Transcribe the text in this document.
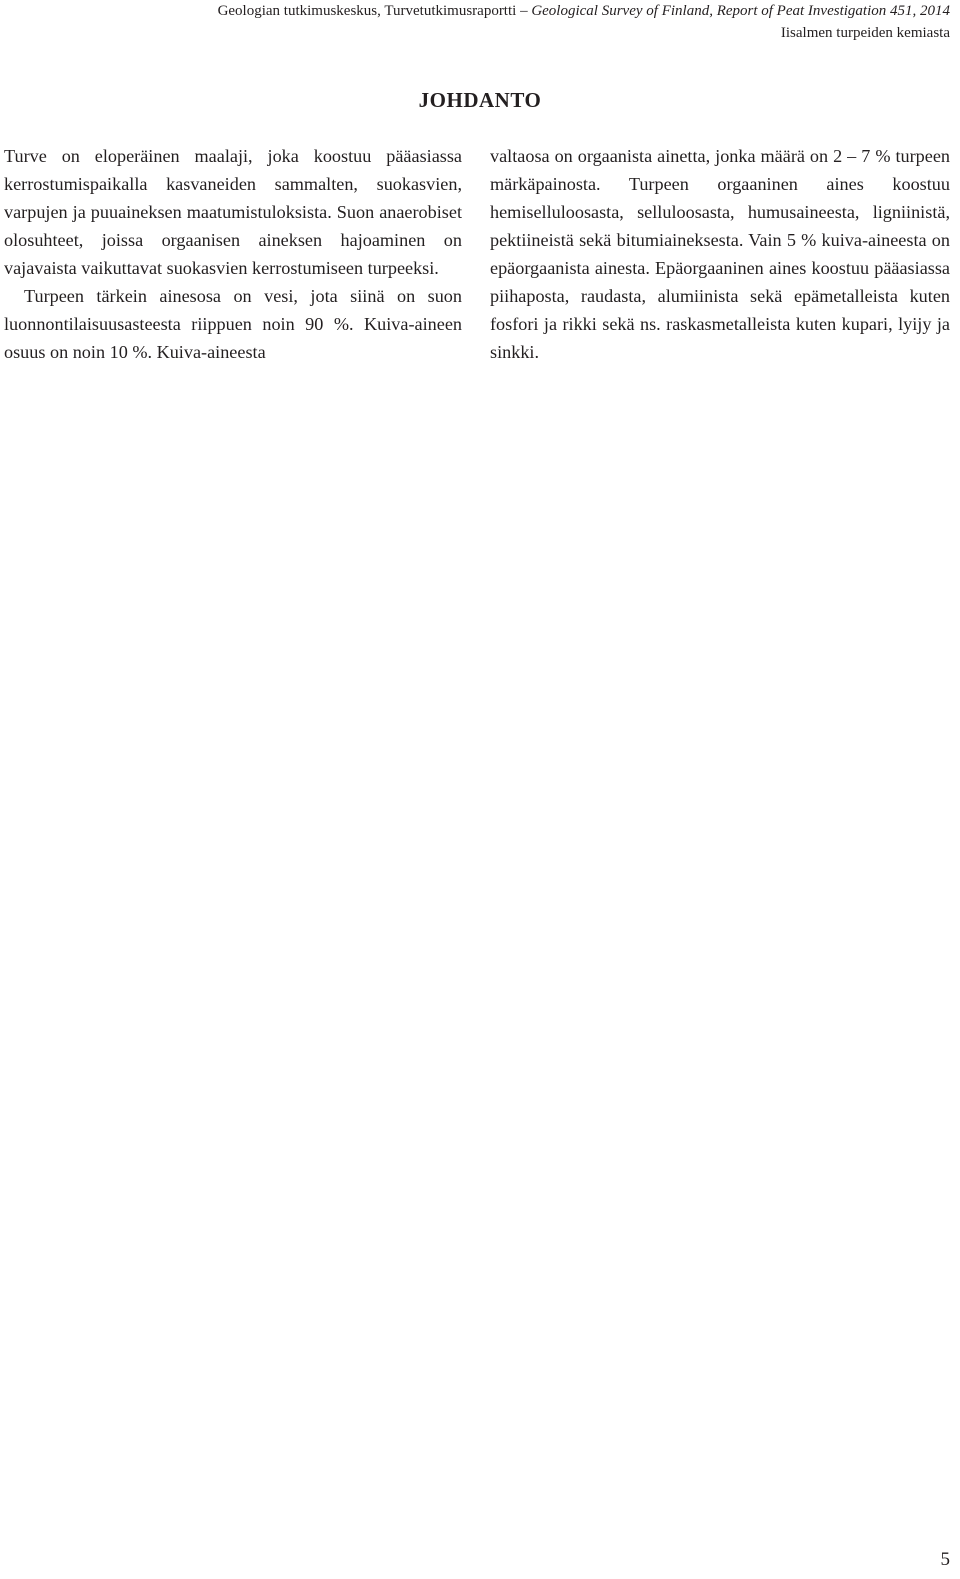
Geologian tutkimuskeskus, Turvetutkimusraportti – Geological Survey of Finland, Report of Peat Investigation 451, 2014
Iisalmen turpeiden kemiasta
JOHDANTO

Turve on eloperäinen maalaji, joka koostuu pääasiassa kerrostumispaikalla kasvaneiden sammalten, suokasvien, varpujen ja puuaineksen maatumistuloksista. Suon anaerobiset olosuhteet, joissa orgaanisen aineksen hajoaminen on vajavaista vaikuttavat suokasvien kerrostumiseen turpeeksi.

Turpeen tärkein ainesosa on vesi, jota siinä on suon luonnontilaisuusasteesta riippuen noin 90 %. Kuiva-aineen osuus on noin 10 %. Kuiva-aineesta

valtaosa on orgaanista ainetta, jonka määrä on 2 – 7 % turpeen märkäpainosta. Turpeen orgaaninen aines koostuu hemiselluloosasta, selluloosasta, humusaineesta, ligniinistä, pektiineistä sekä bitumiaineksesta. Vain 5 % kuiva-aineesta on epäorgaanista ainesta. Epäorgaaninen aines koostuu pääasiassa piihaposta, raudasta, alumiinista sekä epämetalleista kuten fosfori ja rikki sekä ns. raskasmetalleista kuten kupari, lyijy ja sinkki.

5
